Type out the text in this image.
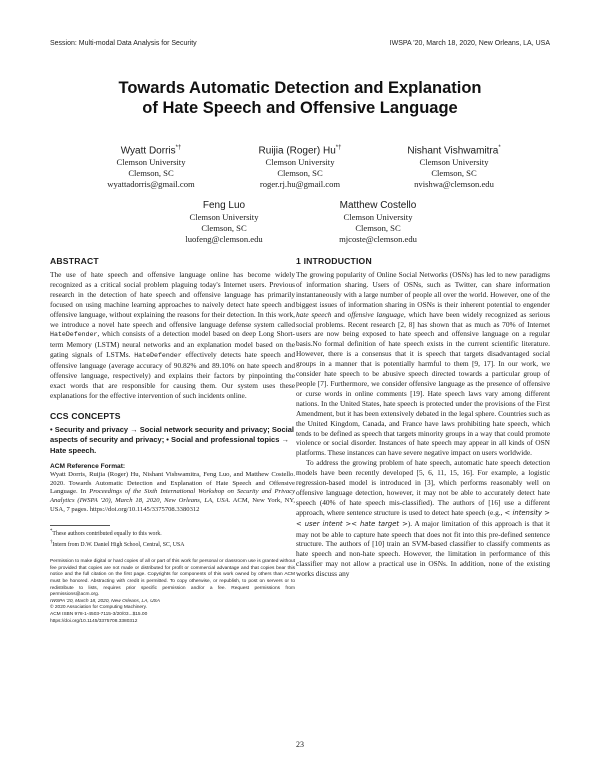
Session: Multi-modal Data Analysis for Security	IWSPA '20, March 18, 2020, New Orleans, LA, USA
Towards Automatic Detection and Explanation
of Hate Speech and Offensive Language
Wyatt Dorris*†
Clemson University
Clemson, SC
wyattadorris@gmail.com
Ruijia (Roger) Hu*†
Clemson University
Clemson, SC
roger.rj.hu@gmail.com
Nishant Vishwamitra*
Clemson University
Clemson, SC
nvishwa@clemson.edu
Feng Luo
Clemson University
Clemson, SC
luofeng@clemson.edu
Matthew Costello
Clemson University
Clemson, SC
mjcoste@clemson.edu
ABSTRACT

The use of hate speech and offensive language online has become widely recognized as a critical social problem plaguing today's Internet users. Previous research in the detection of hate speech and offensive language has primarily focused on using machine learning approaches to naively detect hate speech and offensive language, without explaining the reasons for their detection. In this work, we introduce a novel hate speech and offensive language defense system called HateDefender, which consists of a detection model based on deep Long Short-term Memory (LSTM) neural networks and an explanation model based on the gating signals of LSTMs. HateDefender effectively detects hate speech and offensive language (average accuracy of 90.82% and 89.10% on hate speech and offensive language, respectively) and explains their factors by pinpointing the exact words that are responsible for causing them. Our system uses these explanations for the effective intervention of such incidents online.

CCS CONCEPTS

• Security and privacy → Social network security and privacy; Social aspects of security and privacy; • Social and professional topics → Hate speech.

ACM Reference Format:

Wyatt Dorris, Ruijia (Roger) Hu, Nishant Vishwamitra, Feng Luo, and Matthew Costello. 2020. Towards Automatic Detection and Explanation of Hate Speech and Offensive Language. In Proceedings of the Sixth International Workshop on Security and Privacy Analytics (IWSPA '20), March 18, 2020, New Orleans, LA, USA. ACM, New York, NY, USA, 7 pages. https://doi.org/10.1145/3375708.3380312

*These authors contributed equally to this work.

†Intern from D.W. Daniel High School, Central, SC, USA

Permission to make digital or hard copies of all or part of this work for personal or classroom use is granted without fee provided that copies are not made or distributed for profit or commercial advantage and that copies bear this notice and the full citation on the first page. Copyrights for components of this work owned by others than ACM must be honored. Abstracting with credit is permitted. To copy otherwise, or republish, to post on servers or to redistribute to lists, requires prior specific permission and/or a fee. Request permissions from permissions@acm.org.

IWSPA '20, March 18, 2020, New Orleans, LA, USA

© 2020 Association for Computing Machinery.

ACM ISBN 978-1-4503-7115-3/20/03...$15.00

https://doi.org/10.1145/3375708.3380312

1 INTRODUCTION

The growing popularity of Online Social Networks (OSNs) has led to new paradigms of information sharing. Users of OSNs, such as Twitter, can share information instantaneously with a large number of people all over the world. However, one of the biggest issues of information sharing in OSNs is their inherent potential to engender hate speech and offensive language, which have been widely recognized as serious social problems. Recent research [2, 8] has shown that as much as 70% of Internet users are now being exposed to hate speech and offensive language on a regular basis.No formal definition of hate speech exists in the current scientific literature. However, there is a consensus that it is speech that targets disadvantaged social groups in a manner that is potentially harmful to them [9, 17]. In our work, we consider hate speech to be abusive speech directed towards a particular group of people [7]. Furthermore, we consider offensive language as the presence of offensive or curse words in online comments [19]. Hate speech laws vary among different nations. In the United States, hate speech is protected under the provisions of the First Amendment, but it has been extensively debated in the legal sphere. Countries such as the United Kingdom, Canada, and France have laws prohibiting hate speech, which tends to be defined as speech that targets minority groups in a way that could promote violence or social disorder. Instances of hate speech may appear in all kinds of OSN platforms. These instances can have severe negative impact on users worldwide.

To address the growing problem of hate speech, automatic hate speech detection models have been recently developed [5, 6, 11, 15, 16]. For example, a logistic regression-based model is introduced in [3], which performs reasonably well on offensive language detection, however, it may not be able to accurately detect hate speech (40% of hate speech mis-classified). The authors of [16] use a different approach, where sentence structure is used to detect hate speech (e.g., < intensity >< user intent >< hate target >). A major limitation of this approach is that it may not be able to capture hate speech that does not fit into this pre-defined sentence structure. The authors of [10] train an SVM-based classifier to classify comments as hate speech and non-hate speech. However, the limitation in performance of this classifier may not allow a practical use in OSNs. In addition, none of the existing works discuss any

23
